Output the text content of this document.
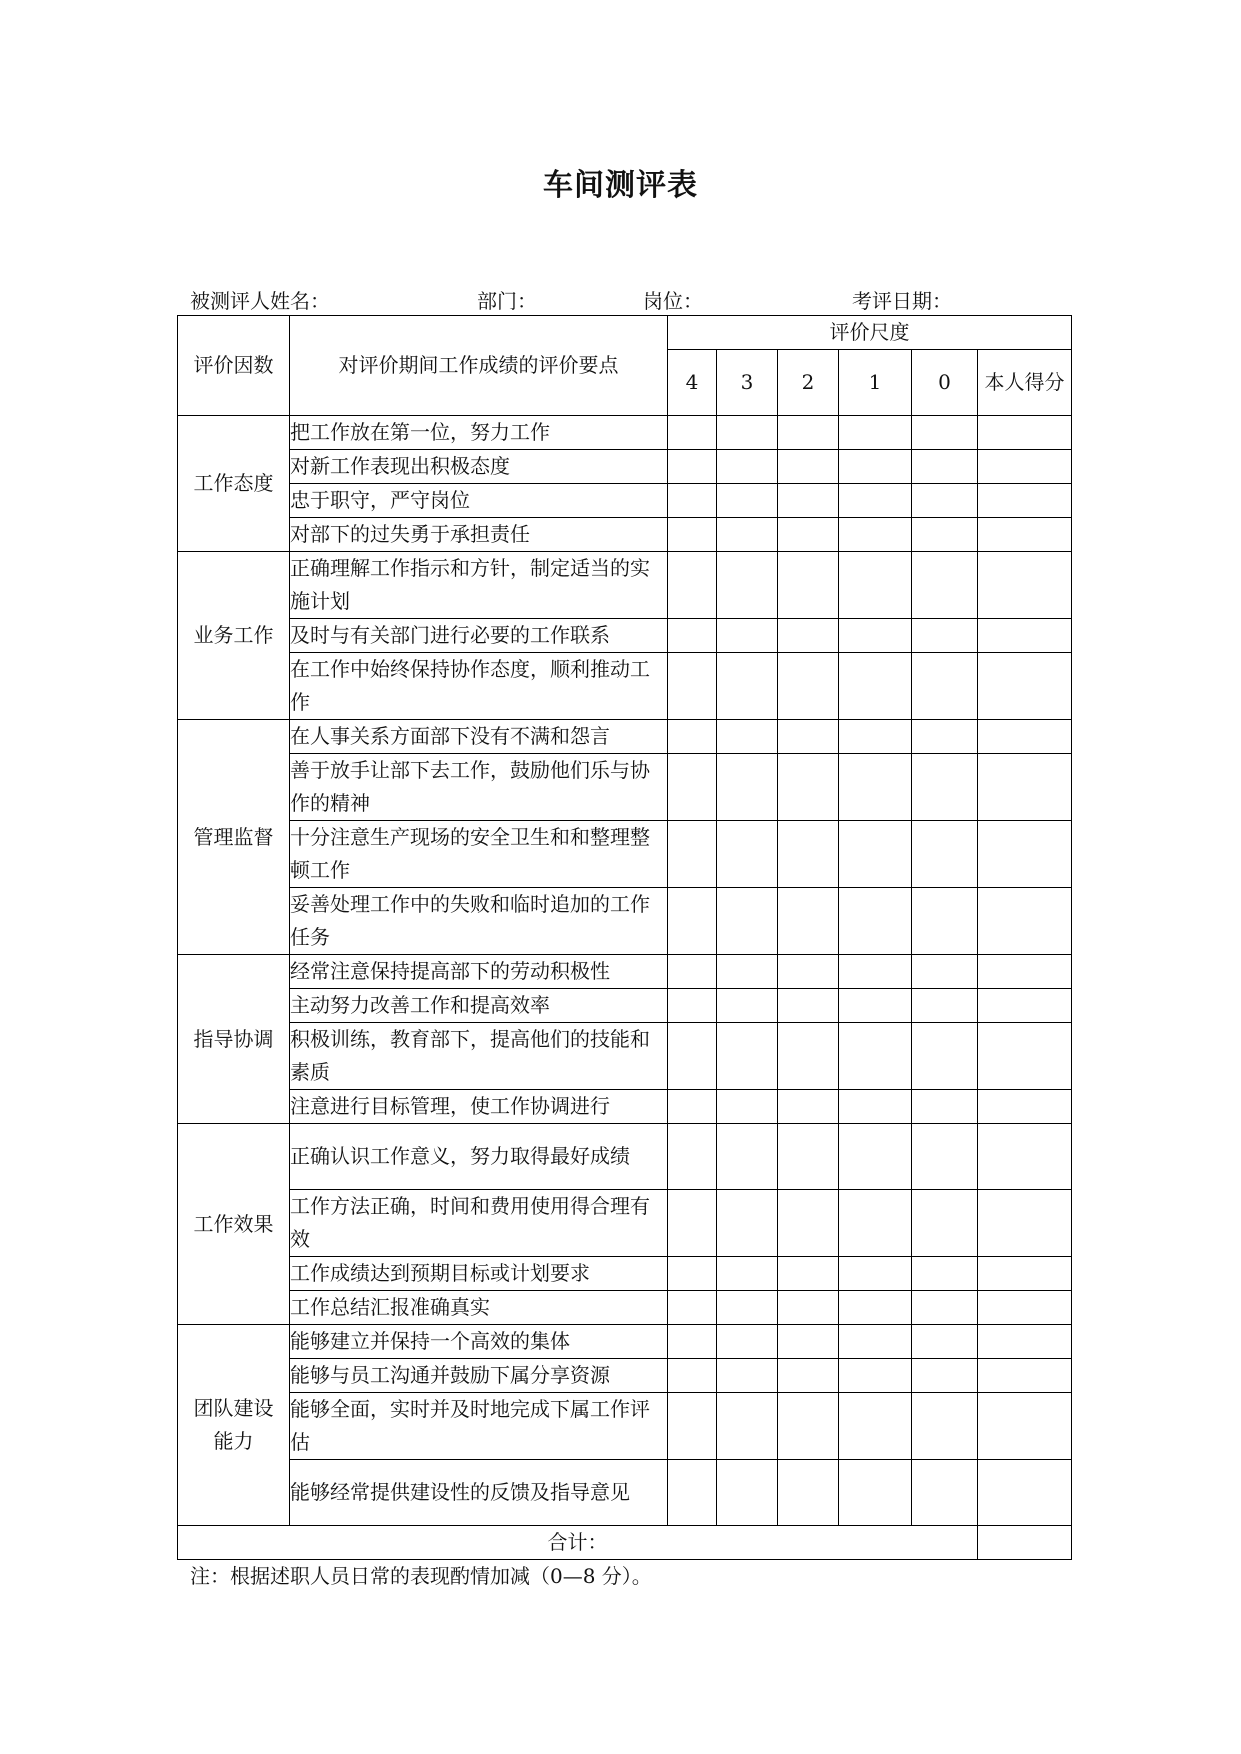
车间测评表
被测评人姓名：	部门：	岗位：	考评日期：
评价因数	对评价期间工作成绩的评价要点	评价尺度					
		4	3	2	1	0	本人得分
工作态度	把工作放在第一位，努力工作						
	对新工作表现出积极态度						
	忠于职守，严守岗位						
	对部下的过失勇于承担责任						
业务工作	正确理解工作指示和方针，制定适当的实施计划						
	及时与有关部门进行必要的工作联系						
	在工作中始终保持协作态度，顺利推动工作						
管理监督	在人事关系方面部下没有不满和怨言						
	善于放手让部下去工作，鼓励他们乐与协作的精神						
	十分注意生产现场的安全卫生和和整理整顿工作						
	妥善处理工作中的失败和临时追加的工作任务						
指导协调	经常注意保持提高部下的劳动积极性						
	主动努力改善工作和提高效率						
	积极训练，教育部下，提高他们的技能和素质						
	注意进行目标管理，使工作协调进行						
工作效果	正确认识工作意义，努力取得最好成绩						
	工作方法正确，时间和费用使用得合理有效						
	工作成绩达到预期目标或计划要求						
	工作总结汇报准确真实						
团队建设能力	能够建立并保持一个高效的集体						
	能够与员工沟通并鼓励下属分享资源						
	能够全面，实时并及时地完成下属工作评估						
	能够经常提供建设性的反馈及指导意见						
合计：							
注：根据述职人员日常的表现酌情加减（0—8 分）。
